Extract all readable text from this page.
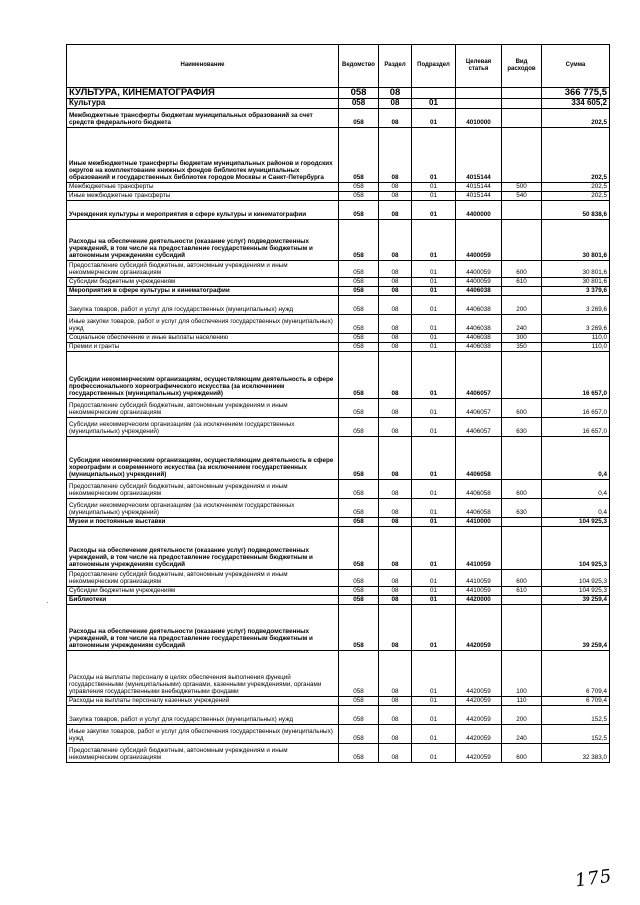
Наименование	Ведомство	Раздел	Подраздел	Целевая статья	Вид расходов	Сумма
КУЛЬТУРА, КИНЕМАТОГРАФИЯ	058	08				366 775,5
Культура	058	08	01			334 605,2
Межбюджетные трансферты бюджетам муниципальных образований за счет средств федерального бюджета	058	08	01	4010000		202,5
Иные межбюджетные трансферты бюджетам муниципальных районов и городских округов на комплектование книжных фондов библиотек муниципальных образований и государственных библиотек городов Москвы и Санкт-Петербурга	058	08	01	4015144		202,5
Межбюджетные трансферты	058	08	01	4015144	500	202,5
Иные межбюджетные трансферты	058	08	01	4015144	540	202,5
Учреждения культуры и мероприятия в сфере культуры и кинематографии	058	08	01	4400000		50 838,6
Расходы на обеспечение деятельности (оказание услуг) подведомственных учреждений, в том числе на предоставление государственным бюджетным и автономным учреждениям субсидий	058	08	01	4400059		30 801,6
Предоставление субсидий бюджетным, автономным учреждениям и иным некоммерческим организациям	058	08	01	4400059	600	30 801,6
Субсидии бюджетным учреждениям	058	08	01	4400059	610	30 801,6
Мероприятия в сфере культуры и кинематографии	058	08	01	4406038		3 379,6
Закупка товаров, работ и услуг для государственных (муниципальных) нужд	058	08	01	4406038	200	3 269,6
Иные закупки товаров, работ и услуг для обеспечения государственных (муниципальных) нужд	058	08	01	4406038	240	3 269,6
Социальное обеспечение и иные выплаты населению	058	08	01	4406038	300	110,0
Премии и гранты	058	08	01	4406038	350	110,0
Субсидии некоммерческим организациям, осуществляющим деятельность в сфере профессионального хореографического искусства (за исключением государственных (муниципальных) учреждений)	058	08	01	4406057		16 657,0
Предоставление субсидий бюджетным, автономным учреждениям и иным некоммерческим организациям	058	08	01	4406057	600	16 657,0
Субсидии некоммерческим организациям (за исключением государственных (муниципальных) учреждений)	058	08	01	4406057	630	16 657,0
Субсидии некоммерческим организациям, осуществляющим деятельность в сфере хореографии и современного искусства (за исключением государственных (муниципальных) учреждений)	058	08	01	4406058		0,4
Предоставление субсидий бюджетным, автономным учреждениям и иным некоммерческим организациям	058	08	01	4406058	600	0,4
Субсидии некоммерческим организациям (за исключением государственных (муниципальных) учреждений)	058	08	01	4406058	630	0,4
Музеи и постоянные выставки	058	08	01	4410000		104 925,3
Расходы на обеспечение деятельности (оказание услуг) подведомственных учреждений, в том числе на предоставление государственным бюджетным и автономным учреждениям субсидий	058	08	01	4410059		104 925,3
Предоставление субсидий бюджетным, автономным учреждениям и иным некоммерческим организациям	058	08	01	4410059	600	104 925,3
Субсидии бюджетным учреждениям	058	08	01	4410059	610	104 925,3
Библиотеки	058	08	01	4420000		39 259,4
Расходы на обеспечение деятельности (оказание услуг) подведомственных учреждений, в том числе на предоставление государственным бюджетным и автономным учреждениям субсидий	058	08	01	4420059		39 259,4
Расходы на выплаты персоналу в целях обеспечения выполнения функций государственными (муниципальными) органами, казенными учреждениями, органами управления государственными внебюджетными фондами	058	08	01	4420059	100	6 709,4
Расходы на выплаты персоналу казенных учреждений	058	08	01	4420059	110	6 709,4
Закупка товаров, работ и услуг для государственных (муниципальных) нужд	058	08	01	4420059	200	152,5
Иные закупки товаров, работ и услуг для обеспечения государственных (муниципальных) нужд	058	08	01	4420059	240	152,5
Предоставление субсидий бюджетным, автономным учреждениям и иным некоммерческим организациям	058	08	01	4420059	600	32 383,0
·
175
